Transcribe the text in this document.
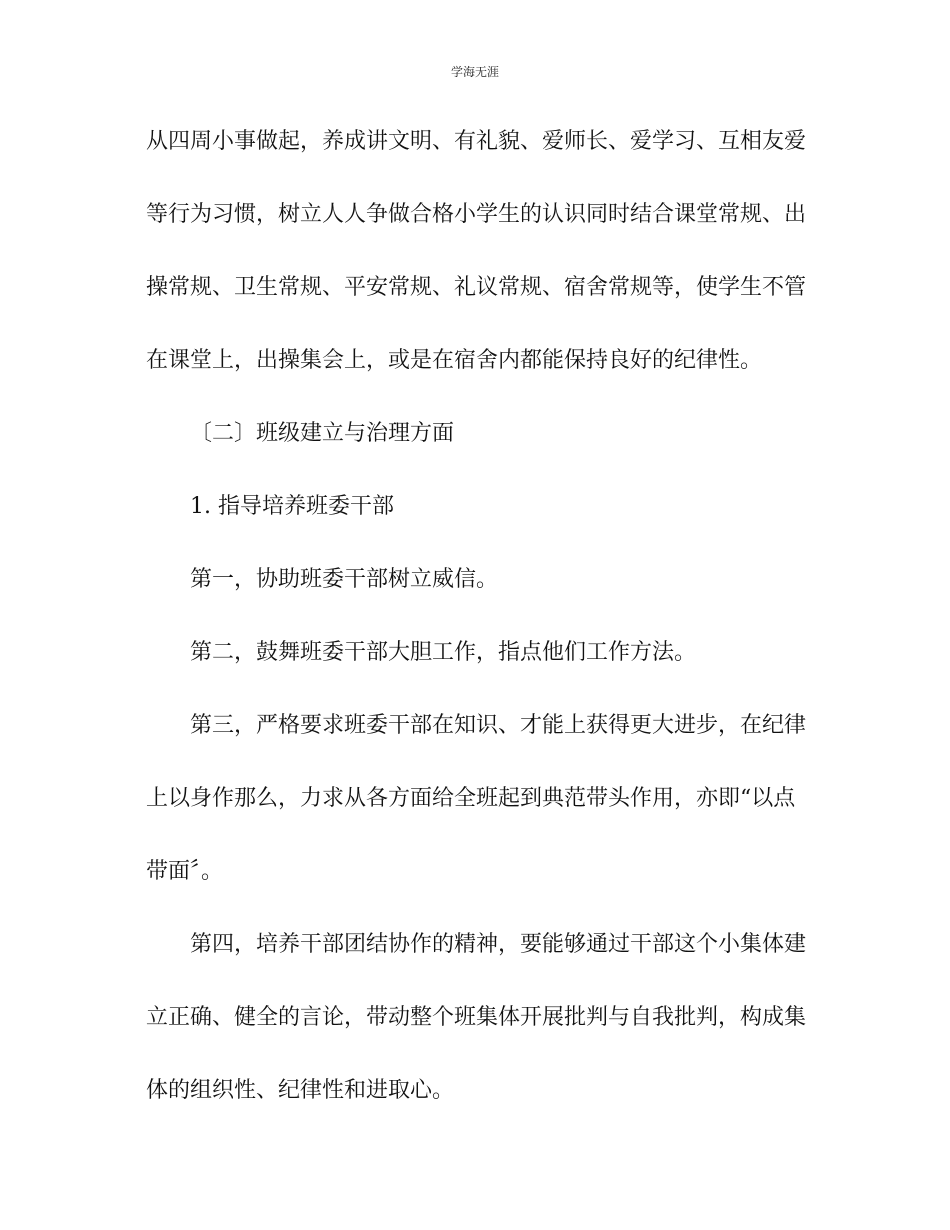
学海无涯
从四周小事做起，养成讲文明、有礼貌、爱师长、爱学习、互相友爱
等行为习惯，树立人人争做合格小学生的认识同时结合课堂常规、出
操常规、卫生常规、平安常规、礼议常规、宿舍常规等，使学生不管
在课堂上，出操集会上，或是在宿舍内都能保持良好的纪律性。
〔二〕班级建立与治理方面
1. 指导培养班委干部
第一，协助班委干部树立威信。
第二，鼓舞班委干部大胆工作，指点他们工作方法。
第三，严格要求班委干部在知识、才能上获得更大进步，在纪律
上以身作那么，力求从各方面给全班起到典范带头作用，亦即“以点
带面〞。
第四，培养干部团结协作的精神，要能够通过干部这个小集体建
立正确、健全的言论，带动整个班集体开展批判与自我批判，构成集
体的组织性、纪律性和进取心。
